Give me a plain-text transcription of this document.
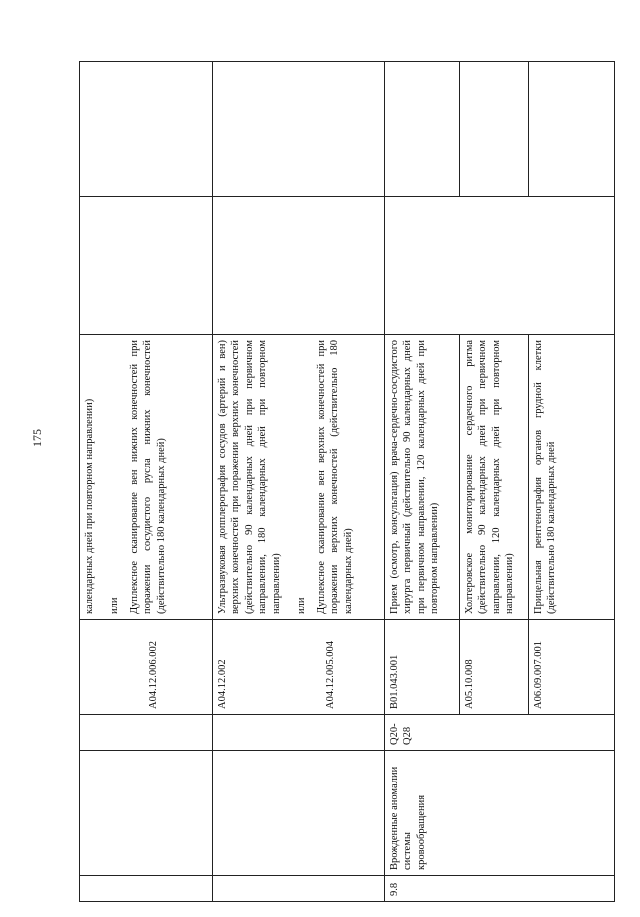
175

			A04.12.006.002	календарных дней при повторном направлении) или Дуплексное сканирование вен нижних конечностей при поражении сосудистого русла нижних конечностей (действительно 180 календарных дней)		

			A04.12.002 A04.12.005.004	Ультразвуковая допплерография сосудов (артерий и вен) верхних конечностей при поражении верхних конечностей (действительно 90 календарных дней при первичном направлении, 180 календарных дней при повторном направлении) или Дуплексное сканирование вен верхних конечностей при поражении верхних конечностей (действительно 180 календарных дней)		

9.8	Врожденные аномалии системы кровообращения	Q20-Q28	B01.043.001	Прием (осмотр, консультация) врача-сердечно-сосудистого хирурга первичный (действительно 90 календарных дней при первичном направлении, 120 календарных дней при повторном направлении)		

			A05.10.008	Холтеровское мониторирование сердечного ритма (действительно 90 календарных дней при первичном направлении, 120 календарных дней при повторном направлении)		

			A06.09.007.001	Прицельная рентгенография органов грудной клетки (действительно 180 календарных дней		
